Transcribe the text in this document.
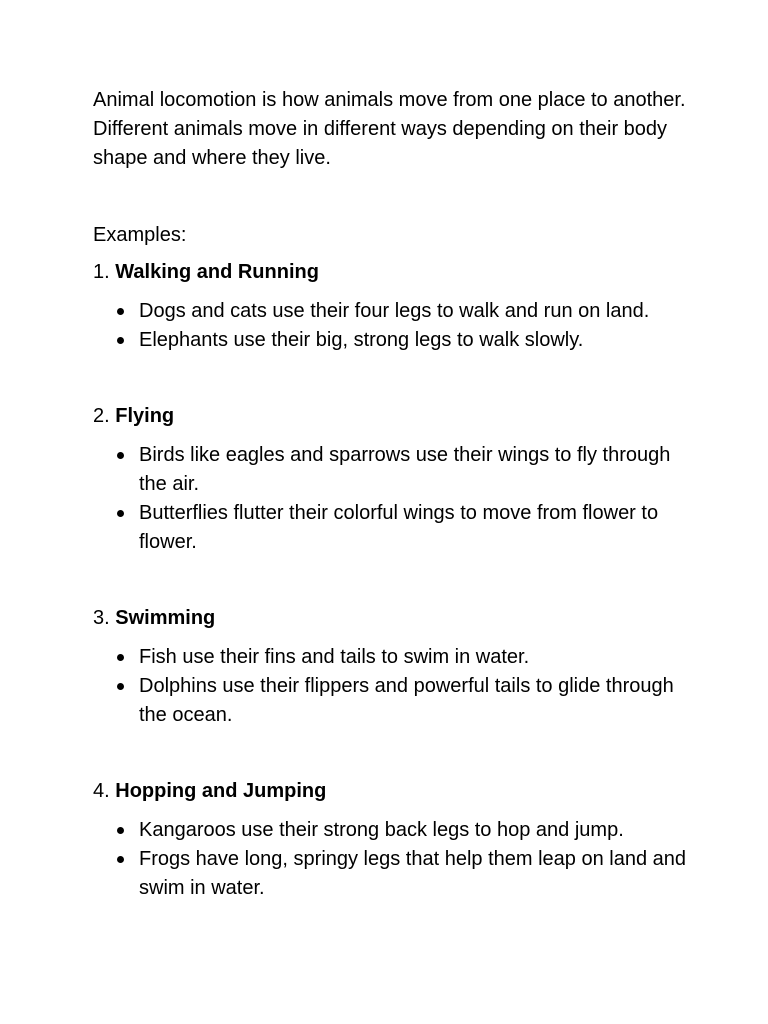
Animal locomotion is how animals move from one place to another. Different animals move in different ways depending on their body shape and where they live.

Examples:

1. Walking and Running

Dogs and cats use their four legs to walk and run on land.
Elephants use their big, strong legs to walk slowly.

2. Flying

Birds like eagles and sparrows use their wings to fly through the air.
Butterflies flutter their colorful wings to move from flower to flower.

3. Swimming

Fish use their fins and tails to swim in water.
Dolphins use their flippers and powerful tails to glide through the ocean.

4. Hopping and Jumping

Kangaroos use their strong back legs to hop and jump.
Frogs have long, springy legs that help them leap on land and swim in water.
